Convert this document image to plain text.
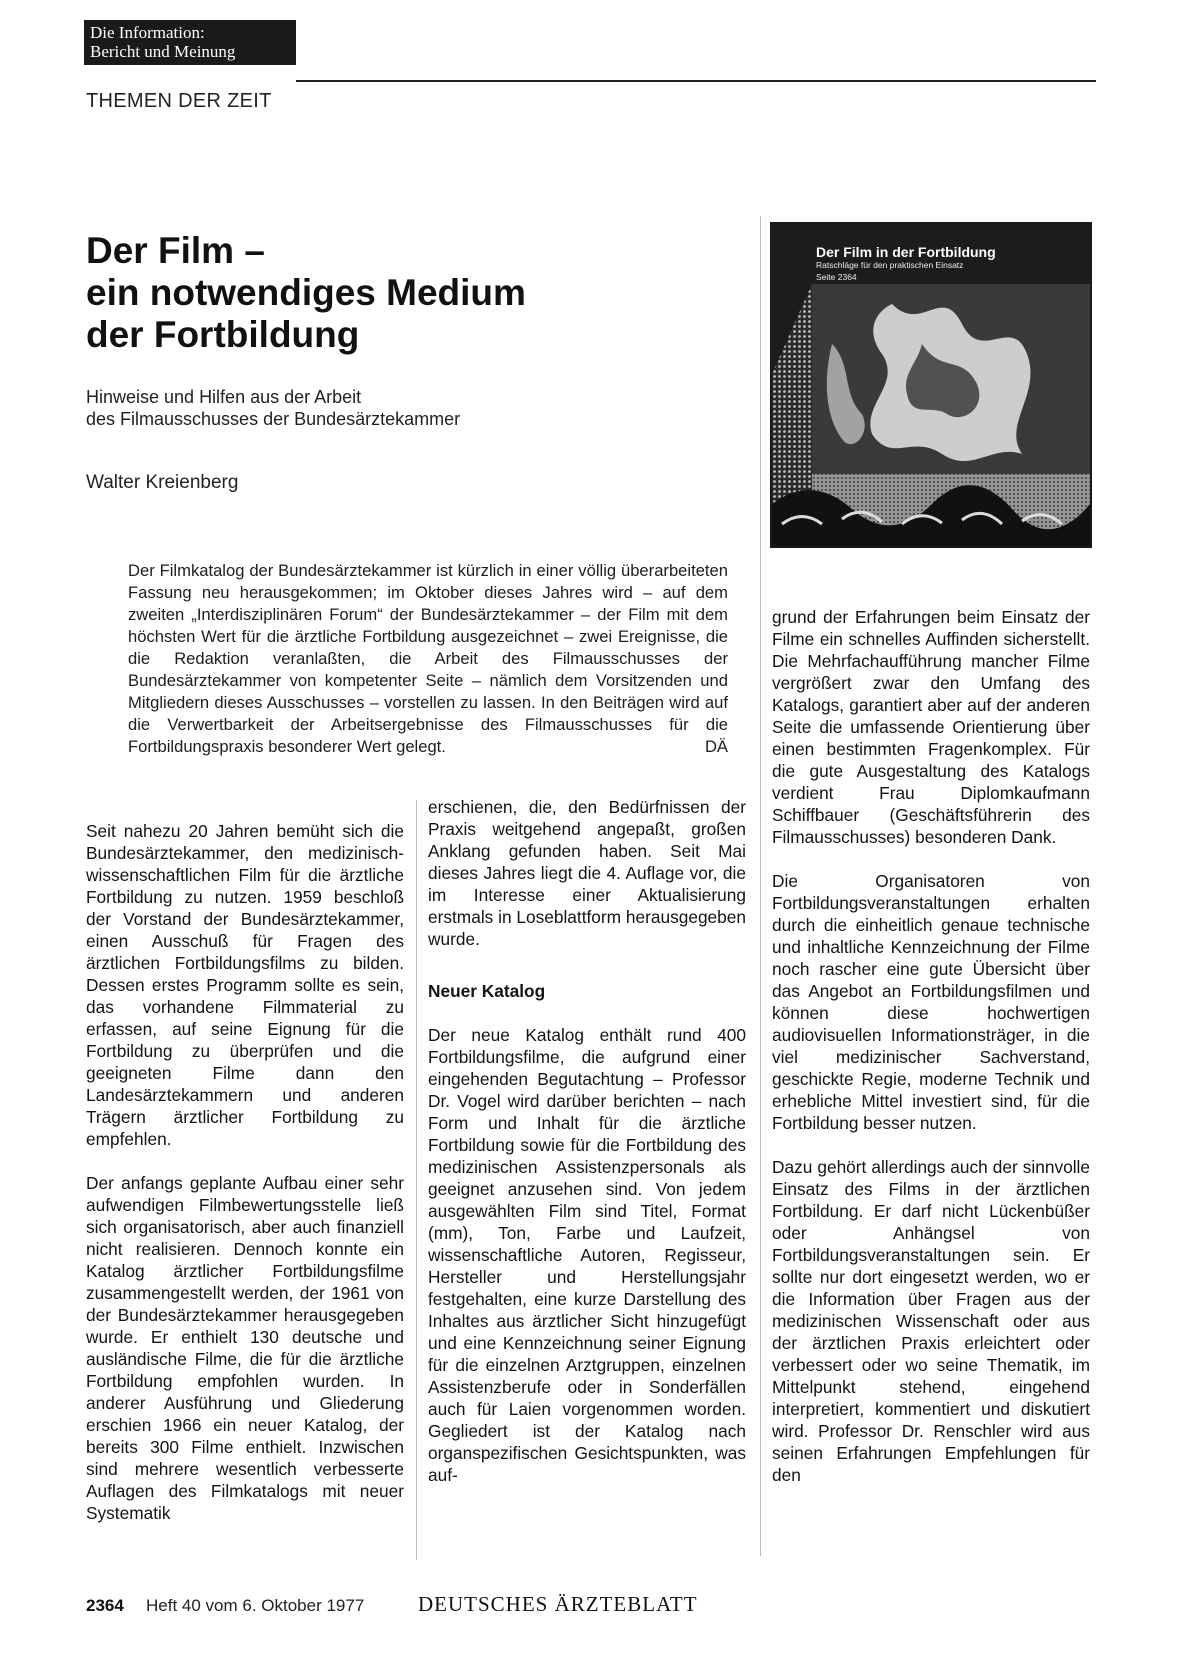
Die Information:
Bericht und Meinung
THEMEN DER ZEIT
Der Film –
ein notwendiges Medium
der Fortbildung
Hinweise und Hilfen aus der Arbeit
des Filmausschusses der Bundesärztekammer
Walter Kreienberg
Der Filmkatalog der Bundesärztekammer ist kürzlich in einer völlig überarbeiteten Fassung neu herausgekommen; im Oktober dieses Jahres wird – auf dem zweiten „Interdisziplinären Forum“ der Bundesärztekammer – der Film mit dem höchsten Wert für die ärztliche Fortbildung ausgezeichnet – zwei Ereignisse, die die Redaktion veranlaßten, die Arbeit des Filmausschusses der Bundesärztekammer von kompetenter Seite – nämlich dem Vorsitzenden und Mitgliedern dieses Ausschusses – vorstellen zu lassen. In den Beiträgen wird auf die Verwertbarkeit der Arbeitsergebnisse des Filmausschusses für die Fortbildungspraxis besonderer Wert gelegt.	DÄ
Der Film in der Fortbildung
Ratschläge für den praktischen Einsatz
Seite 2364

Seit nahezu 20 Jahren bemüht sich die Bundesärztekammer, den medizinisch-wissenschaftlichen Film für die ärztliche Fortbildung zu nutzen. 1959 beschloß der Vorstand der Bundesärztekammer, einen Ausschuß für Fragen des ärztlichen Fortbildungsfilms zu bilden. Dessen erstes Programm sollte es sein, das vorhandene Filmmaterial zu erfassen, auf seine Eignung für die Fortbildung zu überprüfen und die geeigneten Filme dann den Landesärztekammern und anderen Trägern ärztlicher Fortbildung zu empfehlen.

Der anfangs geplante Aufbau einer sehr aufwendigen Filmbewertungsstelle ließ sich organisatorisch, aber auch finanziell nicht realisieren. Dennoch konnte ein Katalog ärztlicher Fortbildungsfilme zusammengestellt werden, der 1961 von der Bundesärztekammer herausgegeben wurde. Er enthielt 130 deutsche und ausländische Filme, die für die ärztliche Fortbildung empfohlen wurden. In anderer Ausführung und Gliederung erschien 1966 ein neuer Katalog, der bereits 300 Filme enthielt. Inzwischen sind mehrere wesentlich verbesserte Auflagen des Filmkatalogs mit neuer Systematik

erschienen, die, den Bedürfnissen der Praxis weitgehend angepaßt, großen Anklang gefunden haben. Seit Mai dieses Jahres liegt die 4. Auflage vor, die im Interesse einer Aktualisierung erstmals in Loseblattform herausgegeben wurde.

Neuer Katalog

Der neue Katalog enthält rund 400 Fortbildungsfilme, die aufgrund einer eingehenden Begutachtung – Professor Dr. Vogel wird darüber berichten – nach Form und Inhalt für die ärztliche Fortbildung sowie für die Fortbildung des medizinischen Assistenzpersonals als geeignet anzusehen sind. Von jedem ausgewählten Film sind Titel, Format (mm), Ton, Farbe und Laufzeit, wissenschaftliche Autoren, Regisseur, Hersteller und Herstellungsjahr festgehalten, eine kurze Darstellung des Inhaltes aus ärztlicher Sicht hinzugefügt und eine Kennzeichnung seiner Eignung für die einzelnen Arztgruppen, einzelnen Assistenzberufe oder in Sonderfällen auch für Laien vorgenommen worden. Gegliedert ist der Katalog nach organspezifischen Gesichtspunkten, was auf-

grund der Erfahrungen beim Einsatz der Filme ein schnelles Auffinden sicherstellt. Die Mehrfachaufführung mancher Filme vergrößert zwar den Umfang des Katalogs, garantiert aber auf der anderen Seite die umfassende Orientierung über einen bestimmten Fragenkomplex. Für die gute Ausgestaltung des Katalogs verdient Frau Diplomkaufmann Schiffbauer (Geschäftsführerin des Filmausschusses) besonderen Dank.

Die Organisatoren von Fortbildungsveranstaltungen erhalten durch die einheitlich genaue technische und inhaltliche Kennzeichnung der Filme noch rascher eine gute Übersicht über das Angebot an Fortbildungsfilmen und können diese hochwertigen audiovisuellen Informationsträger, in die viel medizinischer Sachverstand, geschickte Regie, moderne Technik und erhebliche Mittel investiert sind, für die Fortbildung besser nutzen.

Dazu gehört allerdings auch der sinnvolle Einsatz des Films in der ärztlichen Fortbildung. Er darf nicht Lückenbüßer oder Anhängsel von Fortbildungsveranstaltungen sein. Er sollte nur dort eingesetzt werden, wo er die Information über Fragen aus der medizinischen Wissenschaft oder aus der ärztlichen Praxis erleichtert oder verbessert oder wo seine Thematik, im Mittelpunkt stehend, eingehend interpretiert, kommentiert und diskutiert wird. Professor Dr. Renschler wird aus seinen Erfahrungen Empfehlungen für den

2364 Heft 40 vom 6. Oktober 1977	DEUTSCHES ÄRZTEBLATT
